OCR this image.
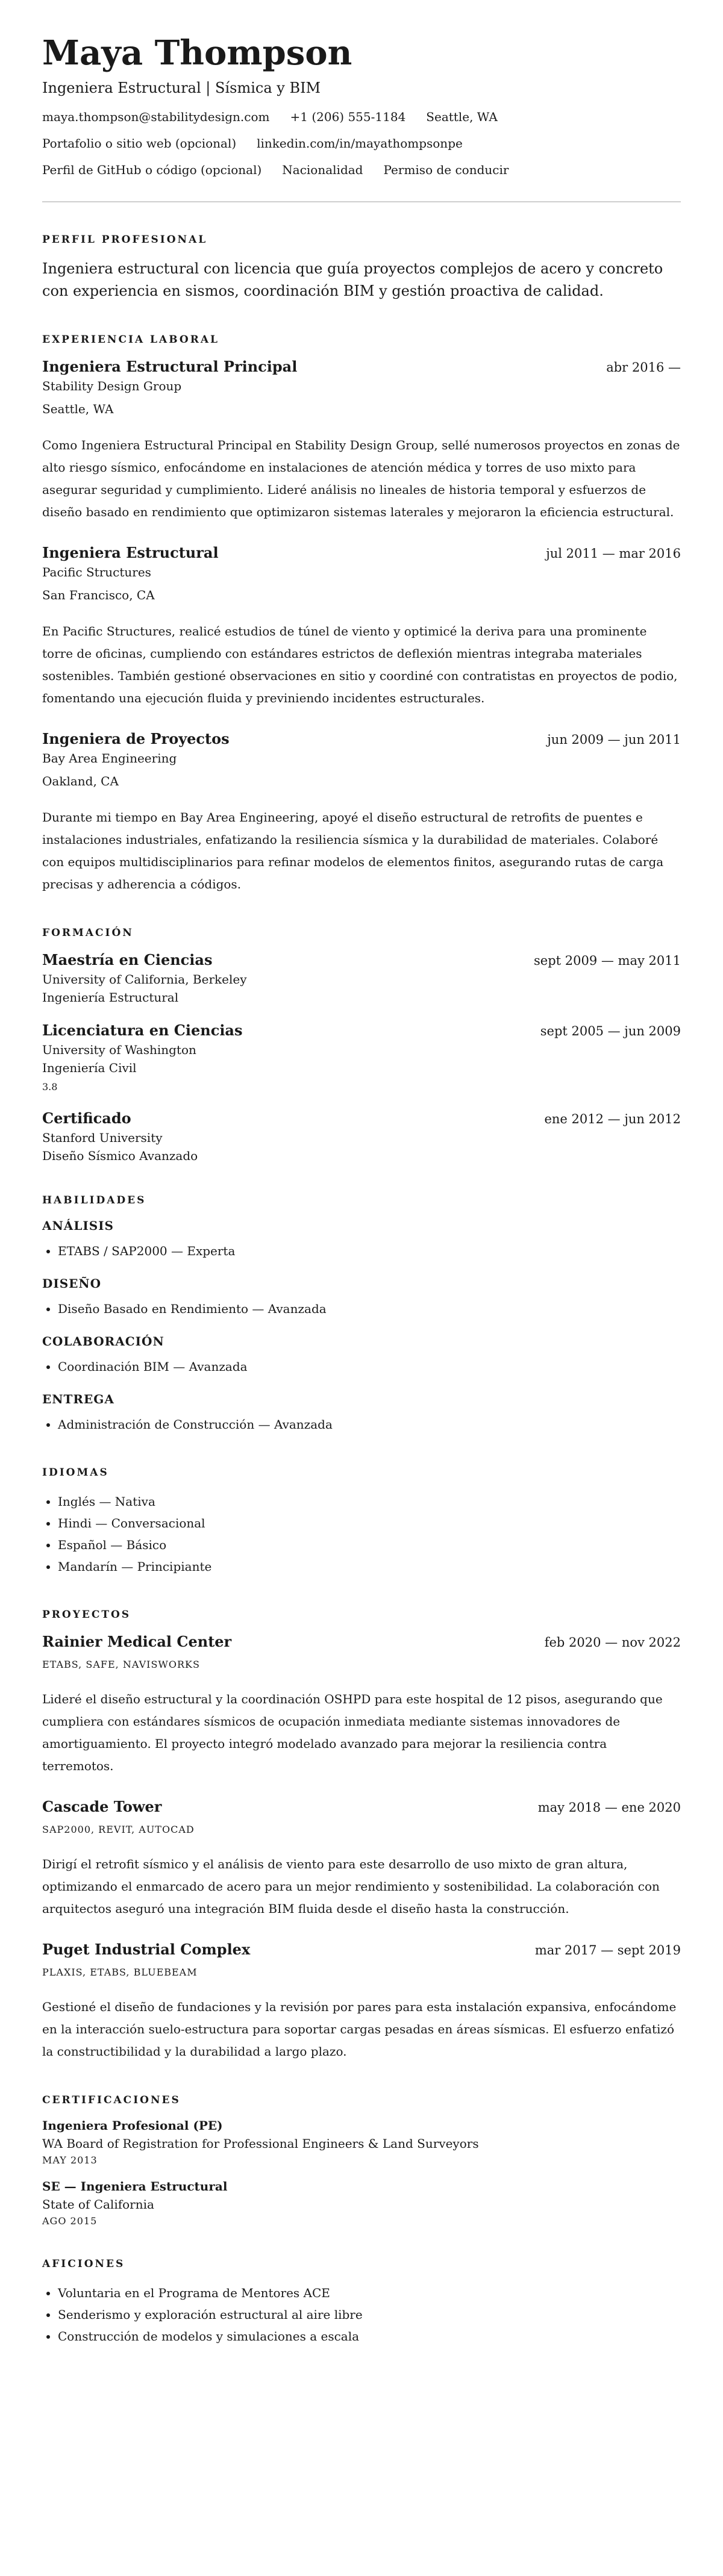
Maya Thompson
Ingeniera Estructural | Sísmica y BIM
maya.thompson@stabilitydesign.com +1 (206) 555-1184 Seattle, WA
Portafolio o sitio web (opcional) linkedin.com/in/mayathompsonpe
Perfil de GitHub o código (opcional) Nacionalidad Permiso de conducir
PERFIL PROFESIONAL
Ingeniera estructural con licencia que guía proyectos complejos de acero y concreto con experiencia en sismos, coordinación BIM y gestión proactiva de calidad.
EXPERIENCIA LABORAL
Ingeniera Estructural Principal	abr 2016 —
Stability Design Group
Seattle, WA
Como Ingeniera Estructural Principal en Stability Design Group, sellé numerosos proyectos en zonas de alto riesgo sísmico, enfocándome en instalaciones de atención médica y torres de uso mixto para asegurar seguridad y cumplimiento. Lideré análisis no lineales de historia temporal y esfuerzos de diseño basado en rendimiento que optimizaron sistemas laterales y mejoraron la eficiencia estructural.
Ingeniera Estructural	jul 2011 — mar 2016
Pacific Structures
San Francisco, CA
En Pacific Structures, realicé estudios de túnel de viento y optimicé la deriva para una prominente torre de oficinas, cumpliendo con estándares estrictos de deflexión mientras integraba materiales sostenibles. También gestioné observaciones en sitio y coordiné con contratistas en proyectos de podio, fomentando una ejecución fluida y previniendo incidentes estructurales.
Ingeniera de Proyectos	jun 2009 — jun 2011
Bay Area Engineering
Oakland, CA
Durante mi tiempo en Bay Area Engineering, apoyé el diseño estructural de retrofits de puentes e instalaciones industriales, enfatizando la resiliencia sísmica y la durabilidad de materiales. Colaboré con equipos multidisciplinarios para refinar modelos de elementos finitos, asegurando rutas de carga precisas y adherencia a códigos.
FORMACIÓN
Maestría en Ciencias	sept 2009 — may 2011
University of California, Berkeley
Ingeniería Estructural
Licenciatura en Ciencias	sept 2005 — jun 2009
University of Washington
Ingeniería Civil
3.8
Certificado	ene 2012 — jun 2012
Stanford University
Diseño Sísmico Avanzado
HABILIDADES
ANÁLISIS
• ETABS / SAP2000 — Experta
DISEÑO
• Diseño Basado en Rendimiento — Avanzada
COLABORACIÓN
• Coordinación BIM — Avanzada
ENTREGA
• Administración de Construcción — Avanzada
IDIOMAS
• Inglés — Nativa
• Hindi — Conversacional
• Español — Básico
• Mandarín — Principiante
PROYECTOS
Rainier Medical Center	feb 2020 — nov 2022
ETABS, SAFE, NAVISWORKS
Lideré el diseño estructural y la coordinación OSHPD para este hospital de 12 pisos, asegurando que cumpliera con estándares sísmicos de ocupación inmediata mediante sistemas innovadores de amortiguamiento. El proyecto integró modelado avanzado para mejorar la resiliencia contra terremotos.
Cascade Tower	may 2018 — ene 2020
SAP2000, REVIT, AUTOCAD
Dirigí el retrofit sísmico y el análisis de viento para este desarrollo de uso mixto de gran altura, optimizando el enmarcado de acero para un mejor rendimiento y sostenibilidad. La colaboración con arquitectos aseguró una integración BIM fluida desde el diseño hasta la construcción.
Puget Industrial Complex	mar 2017 — sept 2019
PLAXIS, ETABS, BLUEBEAM
Gestioné el diseño de fundaciones y la revisión por pares para esta instalación expansiva, enfocándome en la interacción suelo-estructura para soportar cargas pesadas en áreas sísmicas. El esfuerzo enfatizó la constructibilidad y la durabilidad a largo plazo.
CERTIFICACIONES
Ingeniera Profesional (PE)
WA Board of Registration for Professional Engineers & Land Surveyors
MAY 2013
SE — Ingeniera Estructural
State of California
AGO 2015
AFICIONES
• Voluntaria en el Programa de Mentores ACE
• Senderismo y exploración estructural al aire libre
• Construcción de modelos y simulaciones a escala
